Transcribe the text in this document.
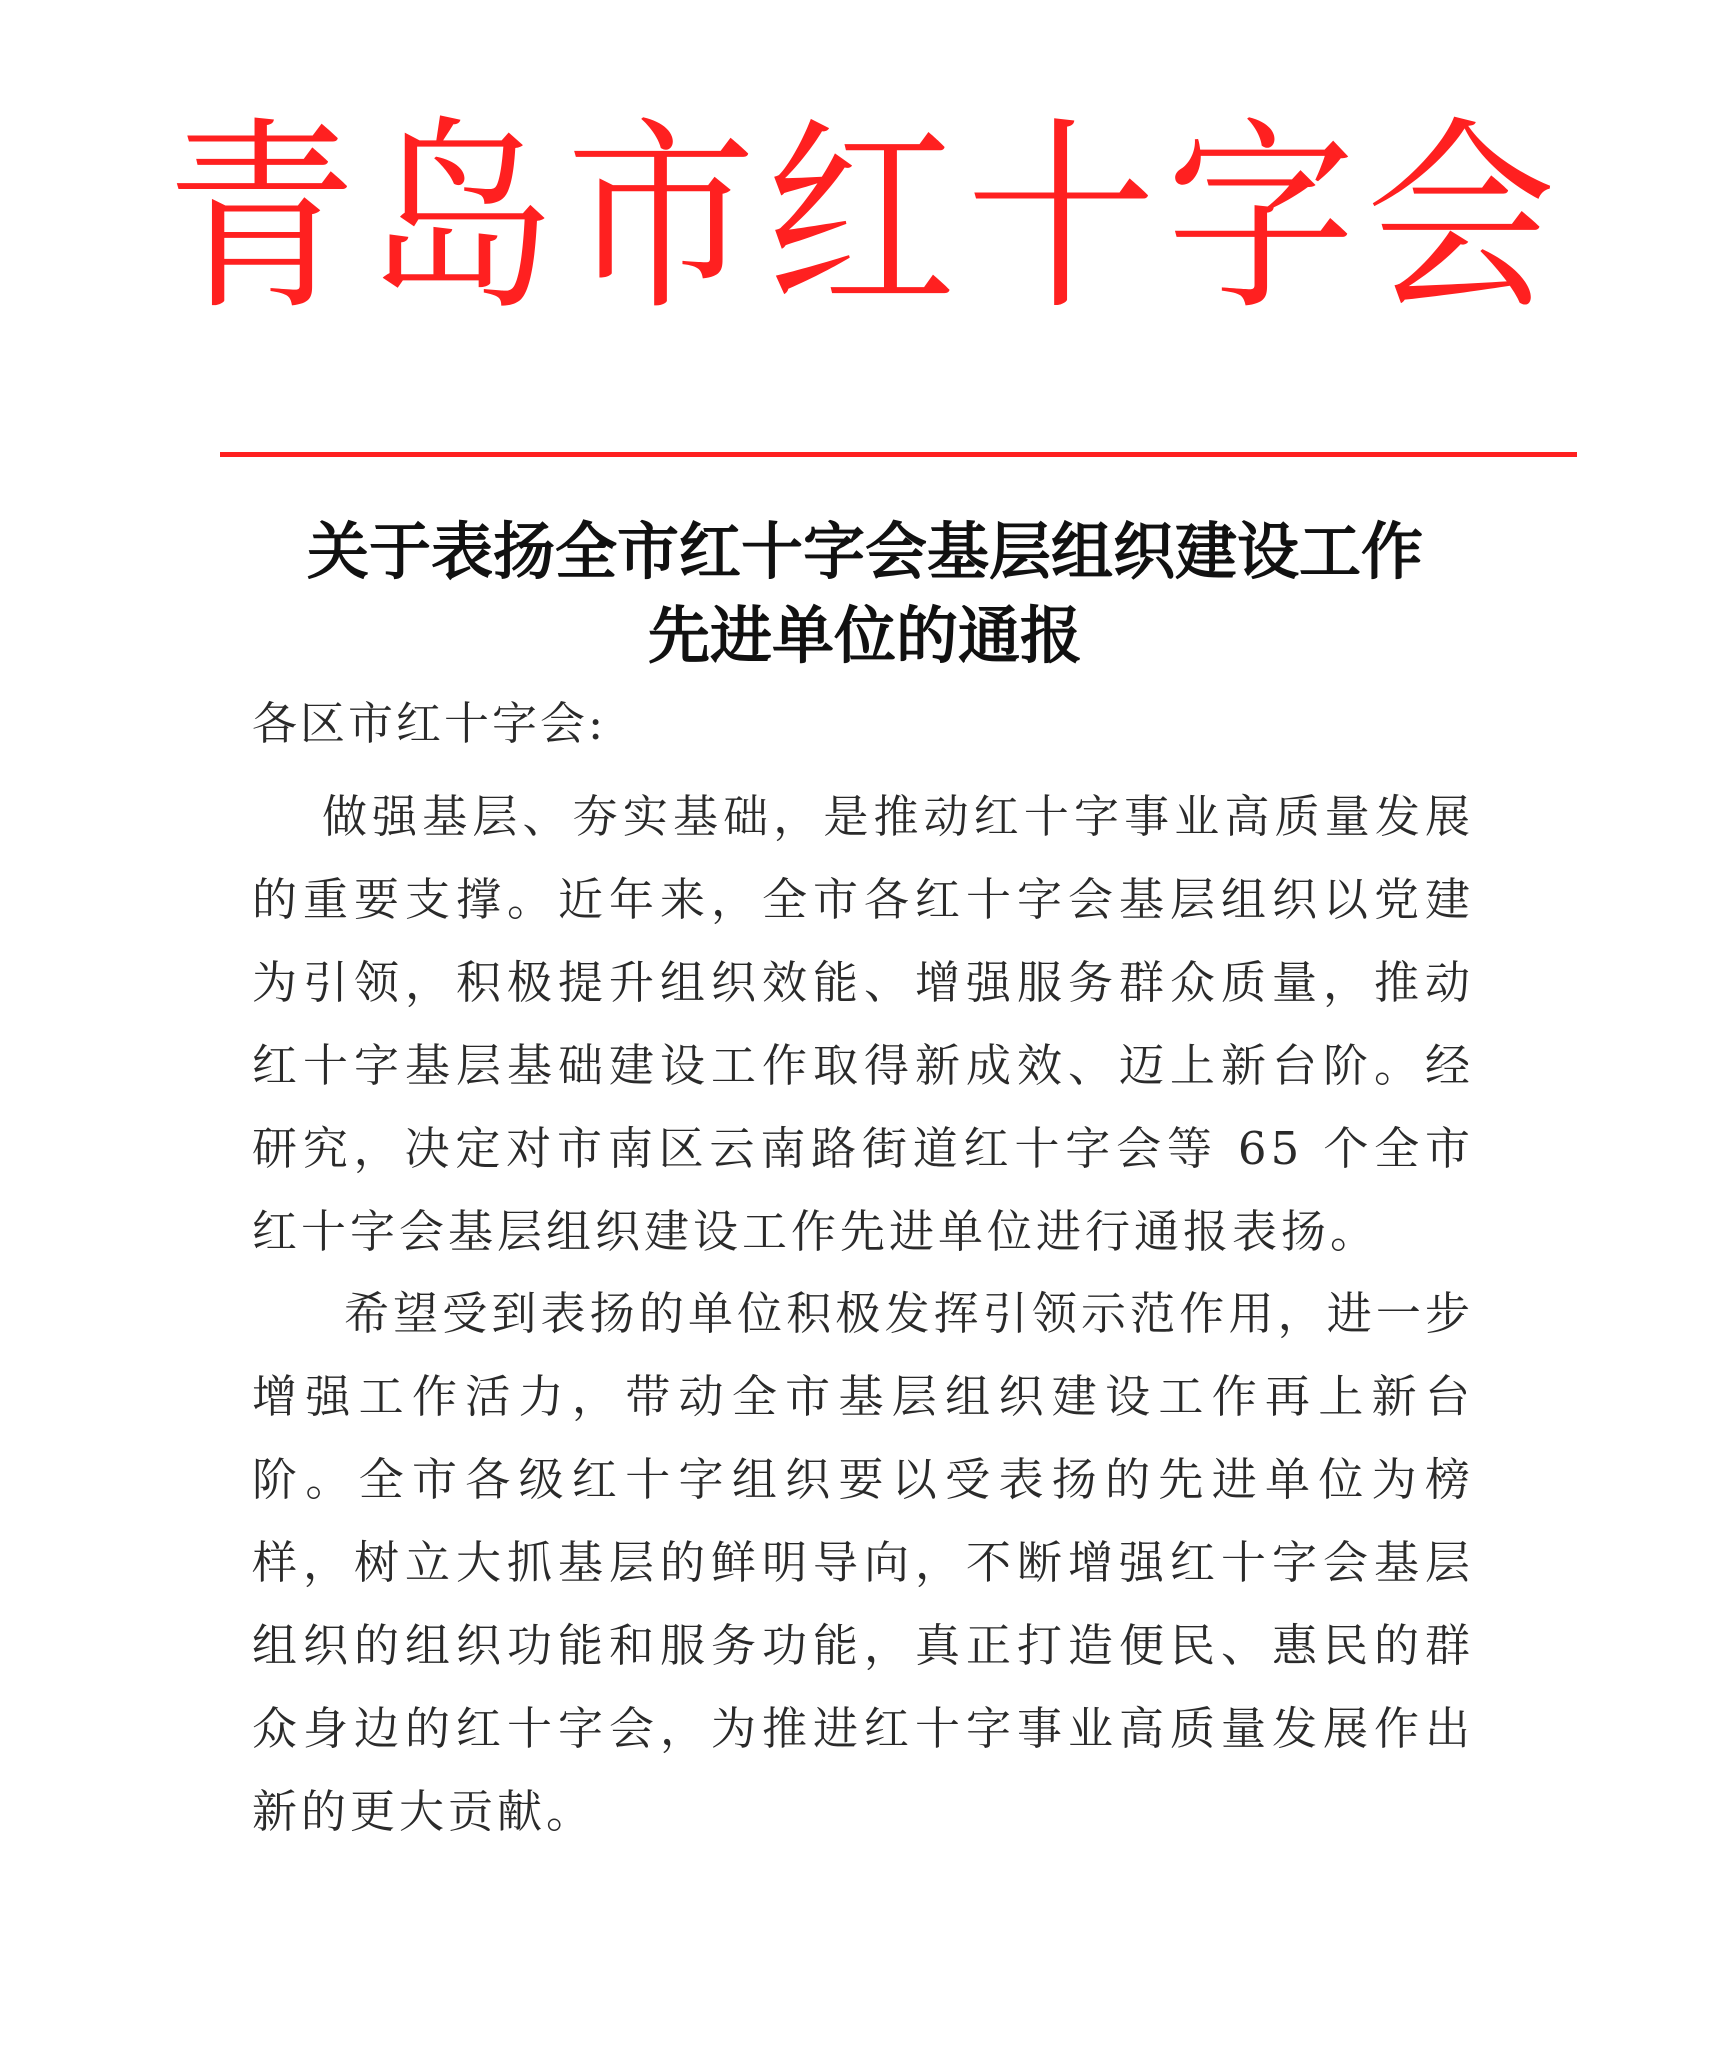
青岛市红十字会
关于表扬全市红十字会基层组织建设工作
先进单位的通报
各区市红十字会:

做强基层、夯实基础，是推动红十字事业高质量发展的重要支撑。近年来，全市各红十字会基层组织以党建为引领，积极提升组织效能、增强服务群众质量，推动红十字基层基础建设工作取得新成效、迈上新台阶。经研究，决定对市南区云南路街道红十字会等 65 个全市红十字会基层组织建设工作先进单位进行通报表扬。

希望受到表扬的单位积极发挥引领示范作用，进一步增强工作活力，带动全市基层组织建设工作再上新台阶。全市各级红十字组织要以受表扬的先进单位为榜样，树立大抓基层的鲜明导向，不断增强红十字会基层组织的组织功能和服务功能，真正打造便民、惠民的群众身边的红十字会，为推进红十字事业高质量发展作出新的更大贡献。
